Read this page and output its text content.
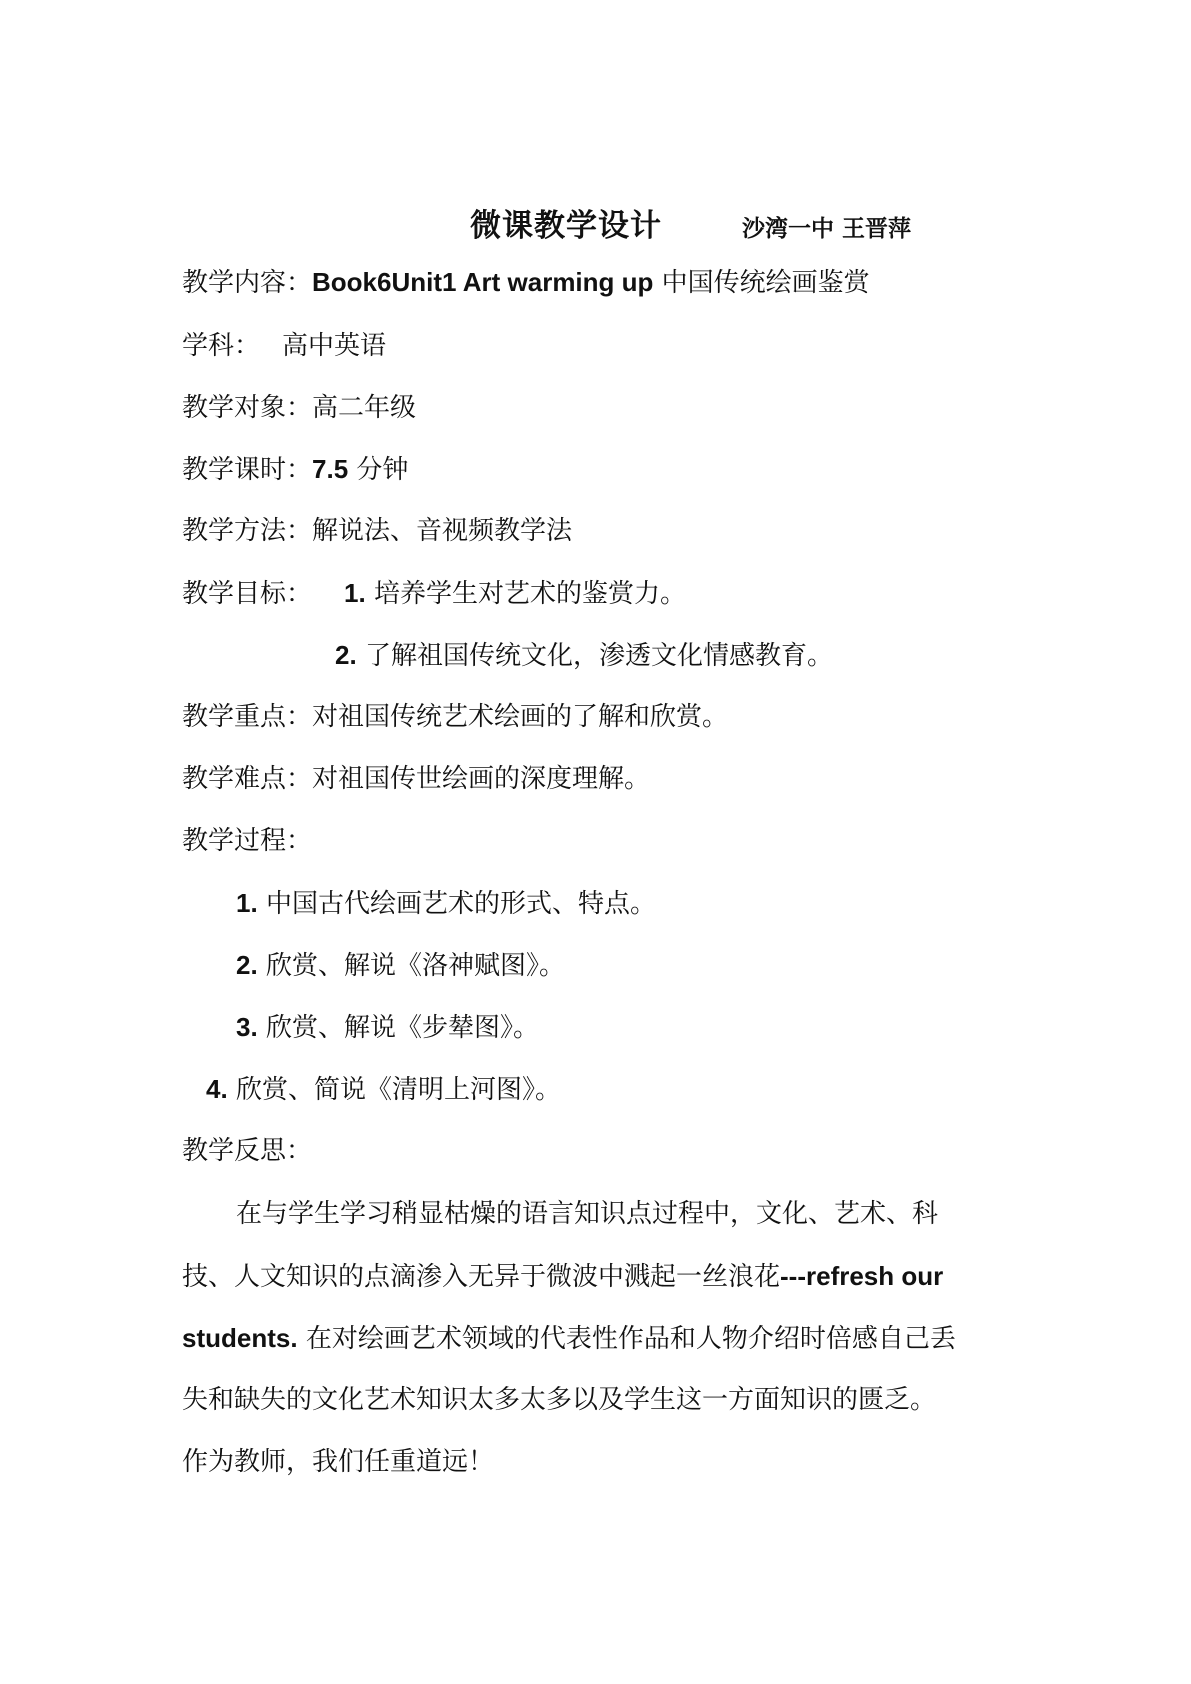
微课教学设计	沙湾一中 王晋萍
教学内容：Book6Unit1 Art warming up 中国传统绘画鉴赏
学科： 高中英语
教学对象：高二年级
教学课时：7.5 分钟
教学方法：解说法、音视频教学法
教学目标： 1. 培养学生对艺术的鉴赏力。
2. 了解祖国传统文化，渗透文化情感教育。
教学重点：对祖国传统艺术绘画的了解和欣赏。
教学难点：对祖国传世绘画的深度理解。
教学过程：
1. 中国古代绘画艺术的形式、特点。
2. 欣赏、解说《洛神赋图》。
3. 欣赏、解说《步辇图》。
4. 欣赏、简说《清明上河图》。
教学反思：
在与学生学习稍显枯燥的语言知识点过程中，文化、艺术、科
技、人文知识的点滴渗入无异于微波中溅起一丝浪花---refresh our
students. 在对绘画艺术领域的代表性作品和人物介绍时倍感自己丢
失和缺失的文化艺术知识太多太多以及学生这一方面知识的匮乏。
作为教师，我们任重道远！
